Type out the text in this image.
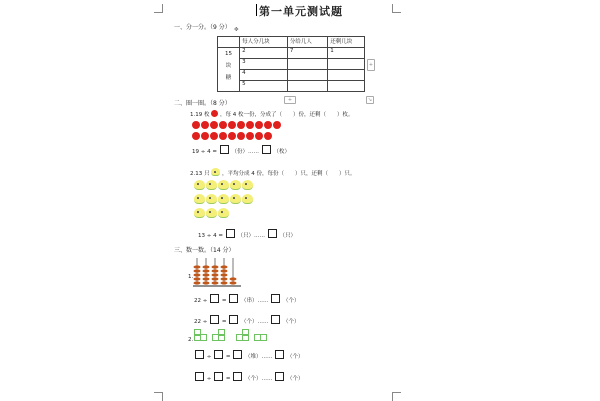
第一单元测试题
一、分一分。（9 分） ✥
	每人分几块	分给几人	还剩几块

15
块
糖	2	7	1
	3		
	4		
	5		
+
+	↘
二、圈一圈。（8 分）
1.19 枚 ，每 4 枚一份，分成了（　　）份，还剩（　　）枚。
19 ÷ 4 =	（份）……	（枚）
2.13 只 ，平均分成 4 份，每份（　　）只，还剩（　　）只。
13 ÷ 4 =	（只）……	（只）
三、数一数。（14 分）
1.
22 ÷	=	（串）……	（个）
22 ÷	=	（个）……	（个）
2.
÷	=	（堆）……	（个）
÷	=	（个）……	（个）
